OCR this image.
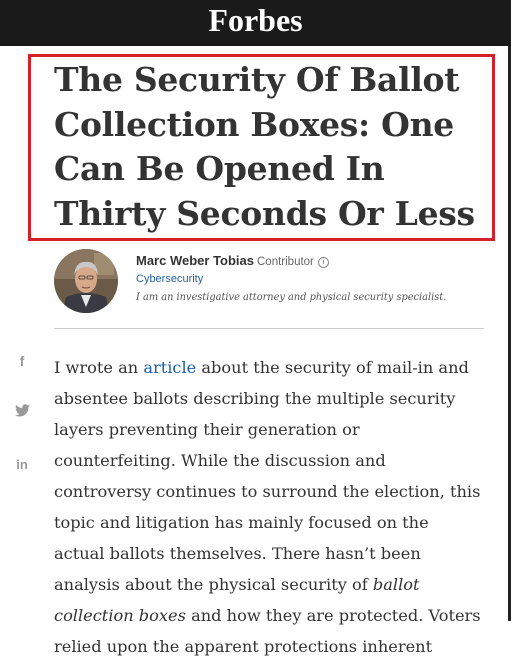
Forbes
The Security Of Ballot Collection Boxes: One Can Be Opened In Thirty Seconds Or Less
Marc Weber Tobias Contributor i
Cybersecurity
I am an investigative attorney and physical security specialist.
f
in

I wrote an article about the security of mail-in and absentee ballots describing the multiple security layers preventing their generation or counterfeiting. While the discussion and controversy continues to surround the election, this topic and litigation has mainly focused on the actual ballots themselves. There hasn’t been analysis about the physical security of ballot collection boxes and how they are protected. Voters relied upon the apparent protections inherent
